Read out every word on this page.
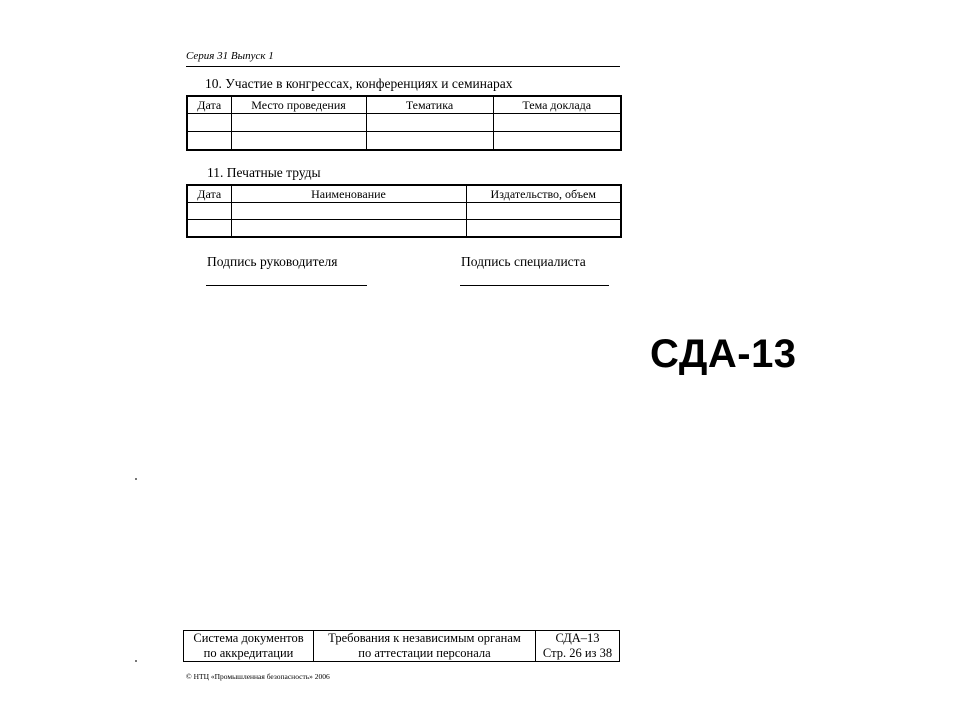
Серия 31 Выпуск 1
10. Участие в конгрессах, конференциях и семинарах
Дата	Место проведения	Тематика	Тема доклада

11. Печатные труды
Дата	Наименование	Издательство, объем

Подпись руководителя	Подпись специалиста
СДА-13
Система документов
по аккредитации

Требования к независимым органам
по аттестации персонала

СДА–13
Стр. 26 из 38
© НТЦ «Промышленная безопасность» 2006
